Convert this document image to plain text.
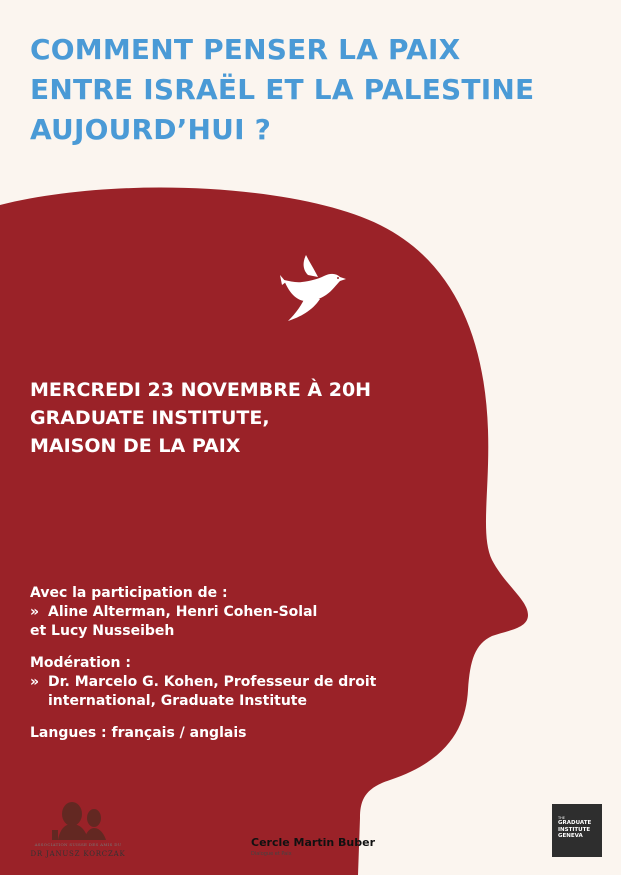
COMMENT PENSER LA PAIX
ENTRE ISRAËL ET LA PALESTINE
AUJOURD’HUI ?
MERCREDI 23 NOVEMBRE À 20H
GRADUATE INSTITUTE,
MAISON DE LA PAIX
Avec la participation de :
» Aline Alterman, Henri Cohen-Solal
et Lucy Nusseibeh
Modération :
» Dr. Marcelo G. Kohen, Professeur de droit
international, Graduate Institute
Langues : français / anglais
ASSOCIATION SUISSE DES AMIS DU
DR JANUSZ KORCZAK
Cercle Martin Buber
Dialogue et Paix
THE
GRADUATE
INSTITUTE
GENEVA
